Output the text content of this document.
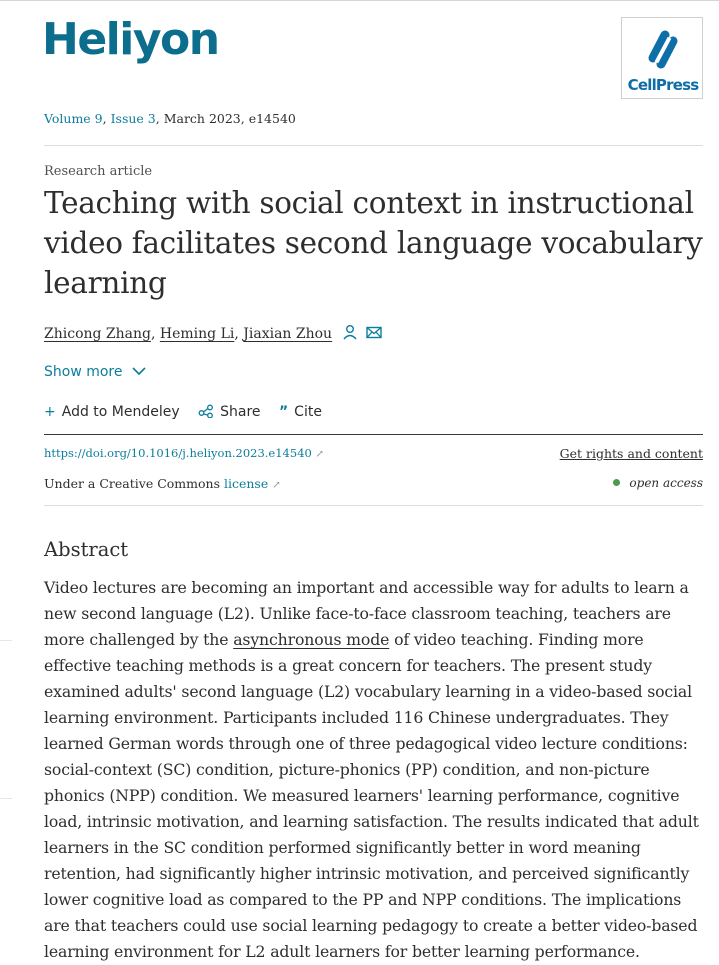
Heliyon
CellPress
Volume 9, Issue 3, March 2023, e14540
Research article
Teaching with social context in instructional video facilitates second language vocabulary learning
Zhicong Zhang, Heming Li, Jiaxian Zhou
Show more
+ Add to Mendeley	Share ” Cite
https://doi.org/10.1016/j.heliyon.2023.e14540 ↗	Get rights and content
Under a Creative Commons license ↗	open access
Abstract

Video lectures are becoming an important and accessible way for adults to learn a new second language (L2). Unlike face-to-face classroom teaching, teachers are more challenged by the asynchronous mode of video teaching. Finding more effective teaching methods is a great concern for teachers. The present study examined adults' second language (L2) vocabulary learning in a video-based social learning environment. Participants included 116 Chinese undergraduates. They learned German words through one of three pedagogical video lecture conditions: social-context (SC) condition, picture-phonics (PP) condition, and non-picture phonics (NPP) condition. We measured learners' learning performance, cognitive load, intrinsic motivation, and learning satisfaction. The results indicated that adult learners in the SC condition performed significantly better in word meaning retention, had significantly higher intrinsic motivation, and perceived significantly lower cognitive load as compared to the PP and NPP conditions. The implications are that teachers could use social learning pedagogy to create a better video-based learning environment for L2 adult learners for better learning performance.
